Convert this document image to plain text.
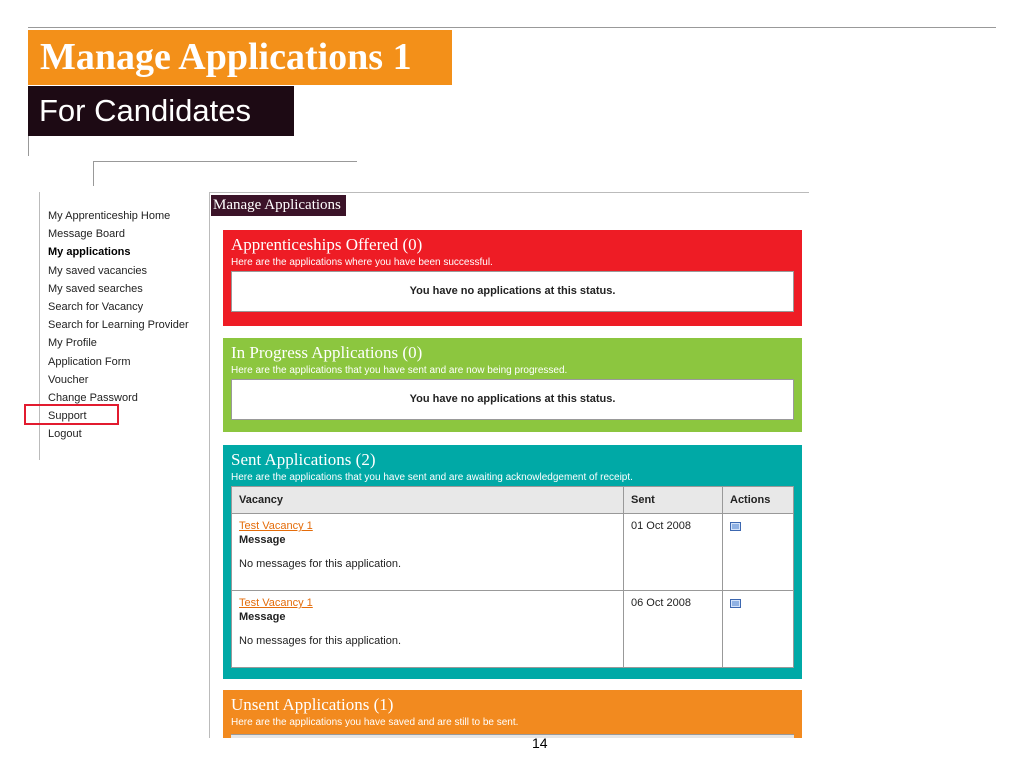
Manage Applications 1
For Candidates
My Apprenticeship Home
Message Board
My applications
My saved vacancies
My saved searches
Search for Vacancy
Search for Learning Provider
My Profile
Application Form
Voucher
Change Password
Support
Logout
Manage Applications
Apprenticeships Offered (0)
Here are the applications where you have been successful.
You have no applications at this status.
In Progress Applications (0)
Here are the applications that you have sent and are now being progressed.
You have no applications at this status.
Sent Applications (2)
Here are the applications that you have sent and are awaiting acknowledgement of receipt.
Vacancy	Sent	Actions

Test Vacancy 1
Message
No messages for this application.	01 Oct 2008	

Test Vacancy 1
Message
No messages for this application.	06 Oct 2008	
Unsent Applications (1)
Here are the applications you have saved and are still to be sent.
14
